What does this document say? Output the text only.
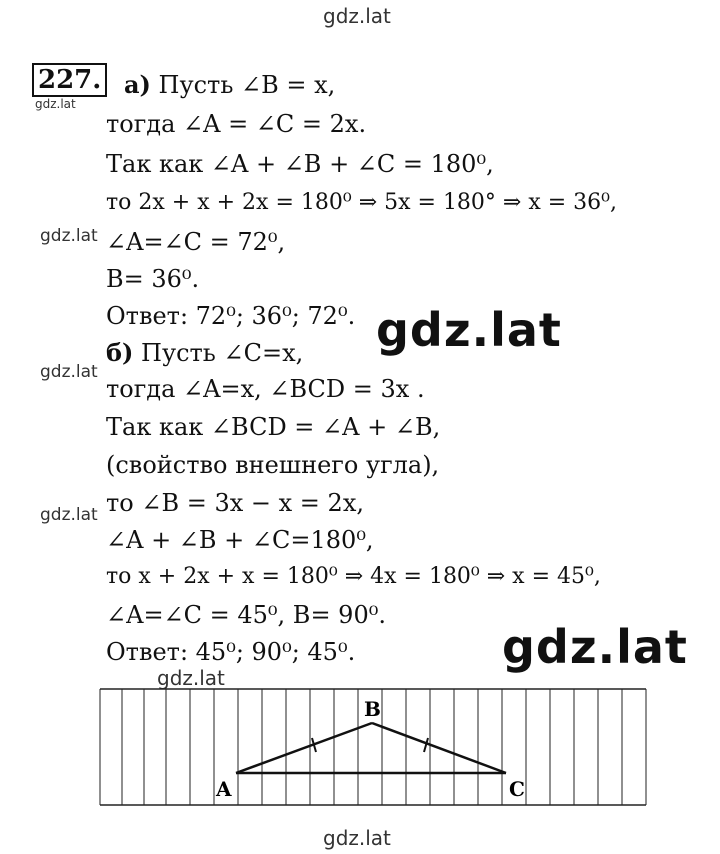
gdz.lat
227.
gdz.lat
а) Пусть ∠B = x,
тогда ∠A = ∠C = 2x.
Так как ∠A + ∠B + ∠C = 180⁰,
то 2x + x + 2x = 180⁰ ⇒ 5x = 180° ⇒ x = 36⁰,
gdz.lat ∠A=∠C = 72⁰,
B= 36⁰.
Ответ: 72⁰; 36⁰; 72⁰. gdz.lat
б) Пусть ∠C=x,
gdz.lat
тогда ∠A=x, ∠BCD = 3x .
Так как ∠BCD = ∠A + ∠B,
(свойство внешнего угла),
то ∠B = 3x − x = 2x,
gdz.lat
∠A + ∠B + ∠C=180⁰,
то x + 2x + x = 180⁰ ⇒ 4x = 180⁰ ⇒ x = 45⁰,
∠A=∠C = 45⁰, B= 90⁰.
Ответ: 45⁰; 90⁰; 45⁰.	gdz.lat
gdz.lat
A
B
C
gdz.lat
